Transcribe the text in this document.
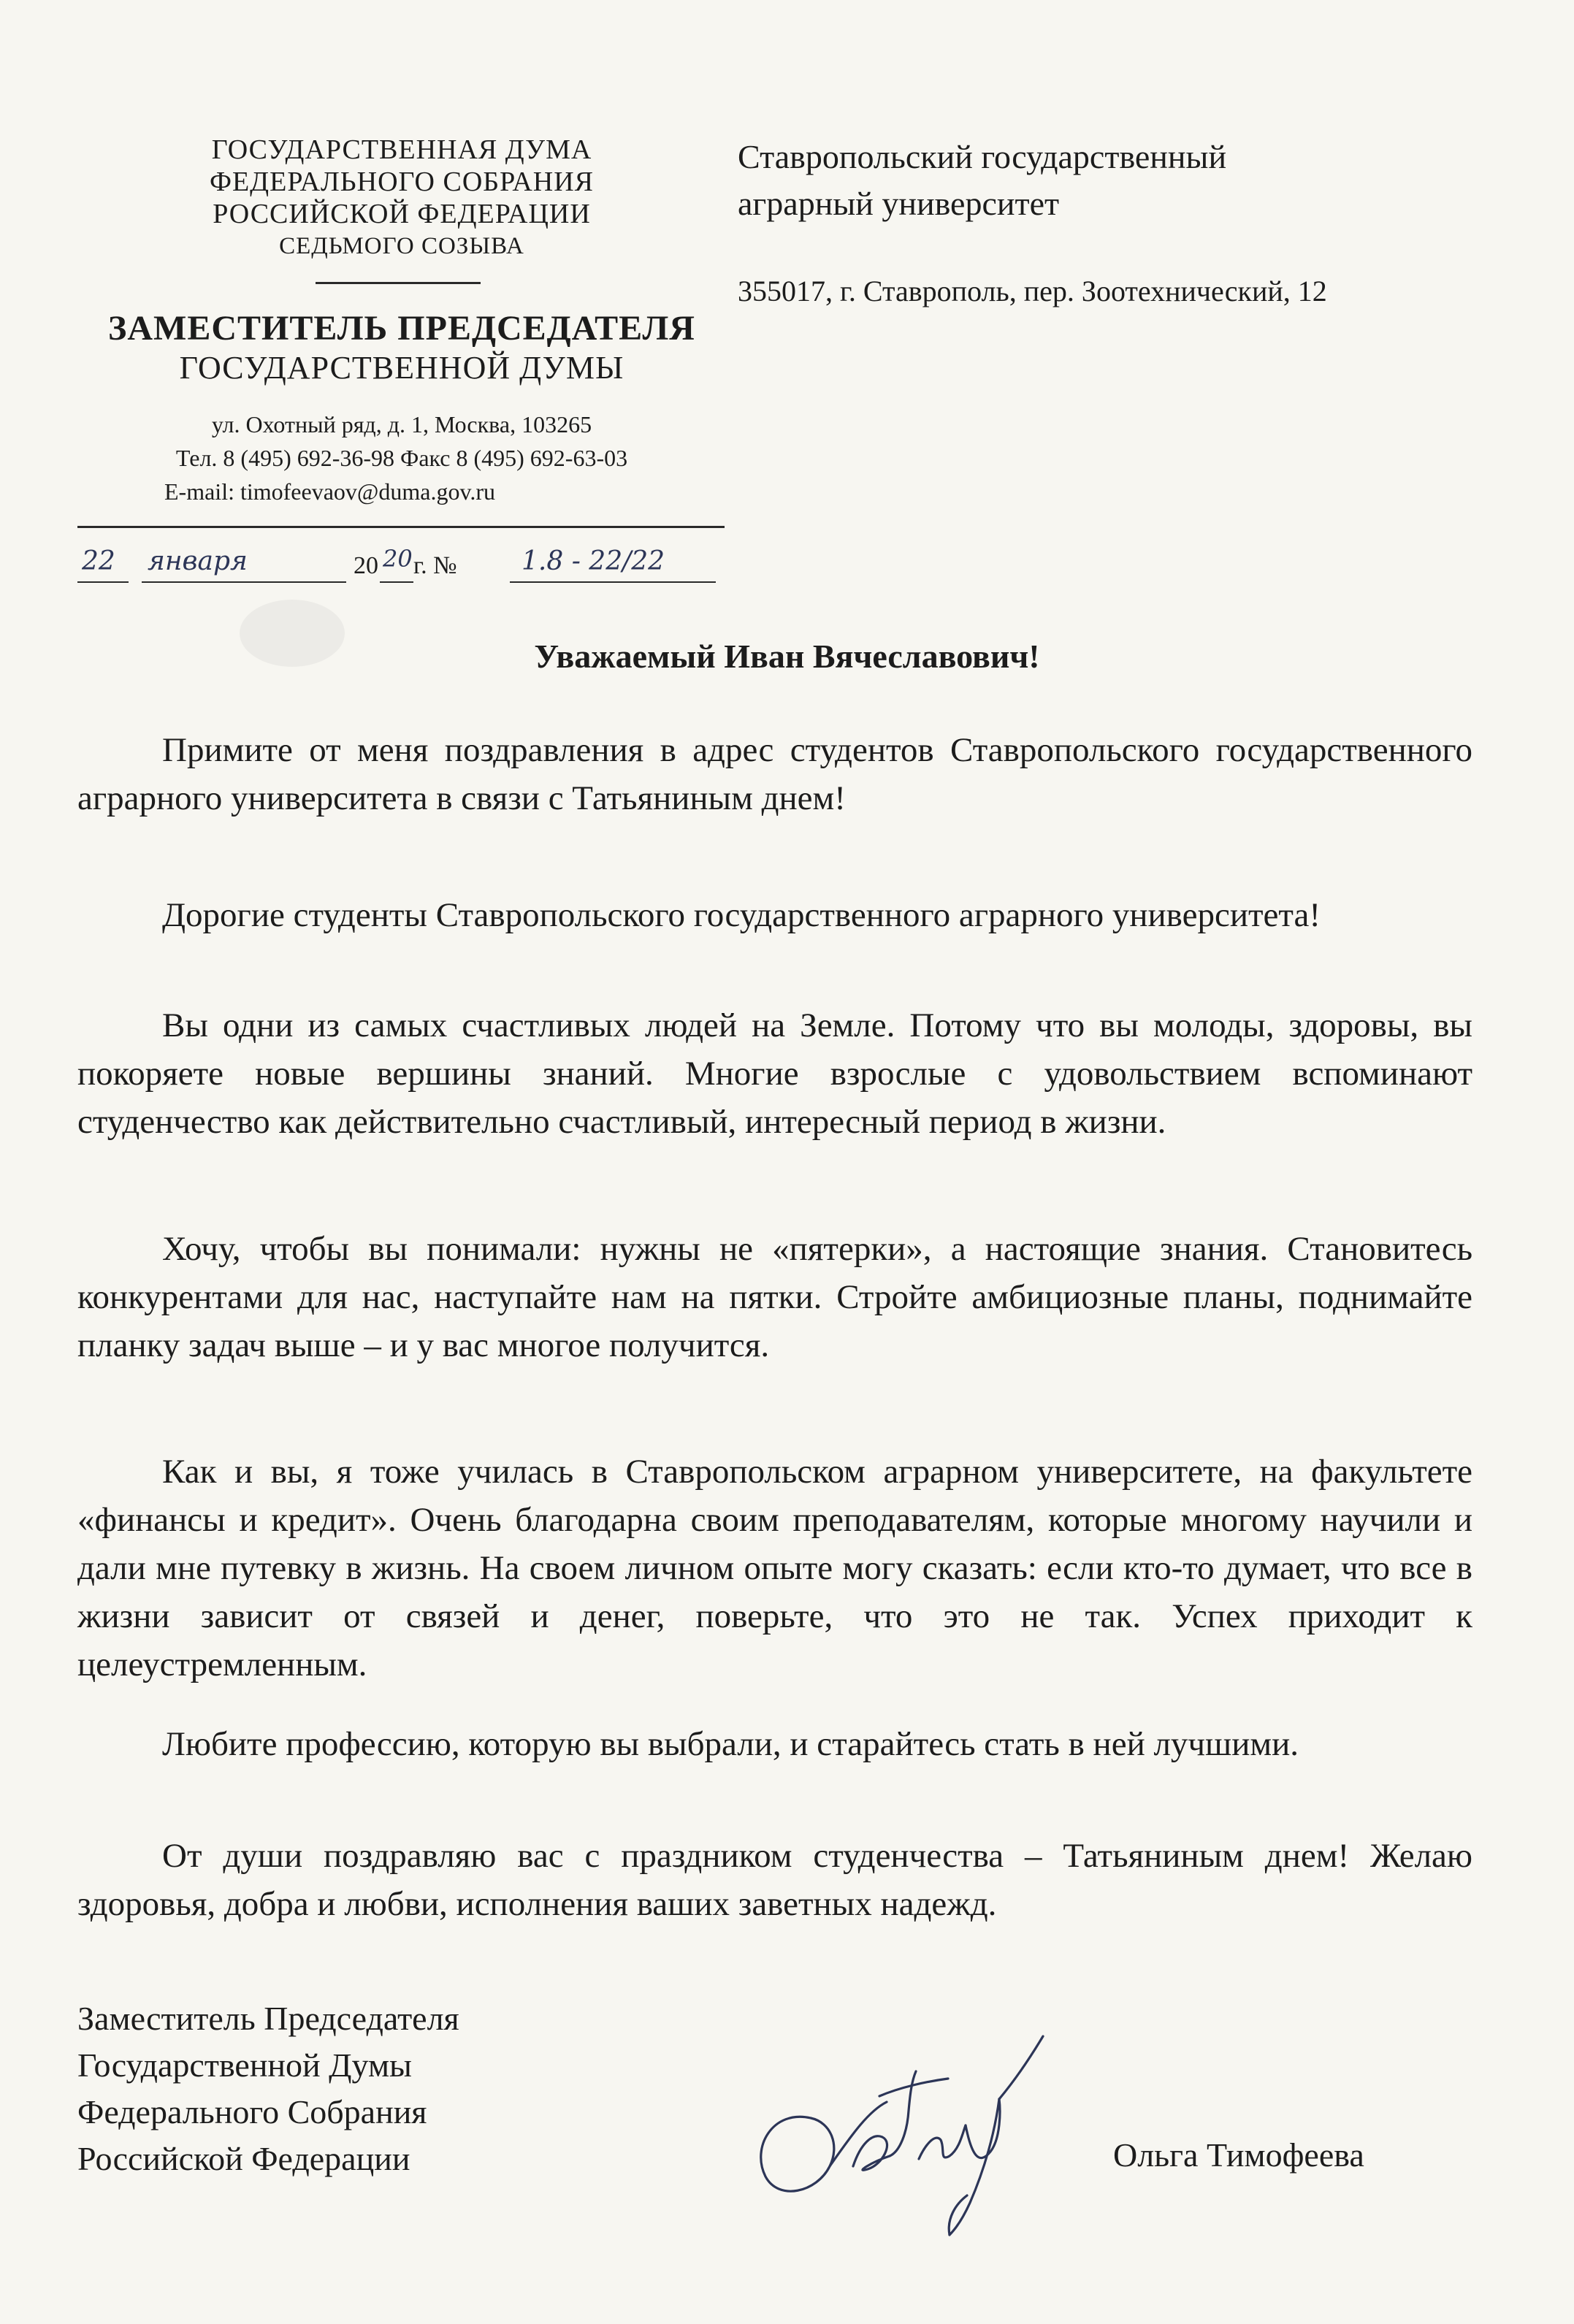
ГОСУДАРСТВЕННАЯ ДУМА
ФЕДЕРАЛЬНОГО СОБРАНИЯ
РОССИЙСКОЙ ФЕДЕРАЦИИ
СЕДЬМОГО СОЗЫВА
ЗАМЕСТИТЕЛЬ ПРЕДСЕДАТЕЛЯ
ГОСУДАРСТВЕННОЙ ДУМЫ
ул. Охотный ряд, д. 1, Москва, 103265
Тел. 8 (495) 692-36-98 Факс 8 (495) 692-63-03
E-mail: timofeevaov@duma.gov.ru
22 января	20 20 г. № 1.8 - 22/22
Ставропольский государственный
аграрный университет
355017, г. Ставрополь, пер. Зоотехнический, 12
Уважаемый Иван Вячеславович!

Примите от меня поздравления в адрес студентов Ставропольского государственного аграрного университета в связи с Татьяниным днем!

Дорогие студенты Ставропольского государственного аграрного университета!

Вы одни из самых счастливых людей на Земле. Потому что вы молоды, здоровы, вы покоряете новые вершины знаний. Многие взрослые с удовольствием вспоминают студенчество как действительно счастливый, интересный период в жизни.

Хочу, чтобы вы понимали: нужны не «пятерки», а настоящие знания. Становитесь конкурентами для нас, наступайте нам на пятки. Стройте амбициозные планы, поднимайте планку задач выше – и у вас многое получится.

Как и вы, я тоже училась в Ставропольском аграрном университете, на факультете «финансы и кредит». Очень благодарна своим преподавателям, которые многому научили и дали мне путевку в жизнь. На своем личном опыте могу сказать: если кто-то думает, что все в жизни зависит от связей и денег, поверьте, что это не так. Успех приходит к целеустремленным.

Любите профессию, которую вы выбрали, и старайтесь стать в ней лучшими.

От души поздравляю вас с праздником студенчества – Татьяниным днем! Желаю здоровья, добра и любви, исполнения ваших заветных надежд.

Заместитель Председателя
Государственной Думы
Федерального Собрания
Российской Федерации	Ольга Тимофеева
